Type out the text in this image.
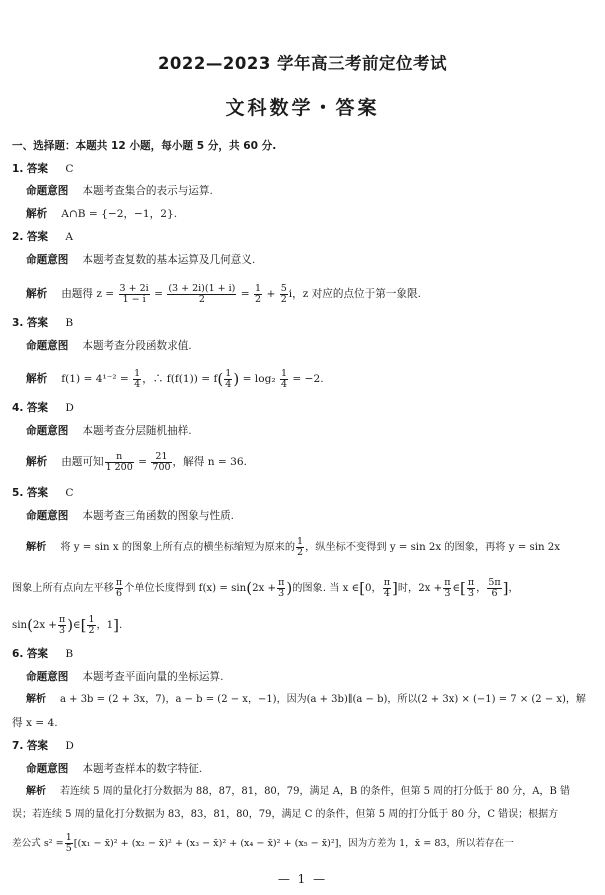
2022—2023 学年高三考前定位考试
文科数学・答案
一、选择题：本题共 12 小题，每小题 5 分，共 60 分.
1. 答案 C
命题意图 本题考查集合的表示与运算.
解析 A∩B = {−2，−1，2}.
2. 答案 A
命题意图 本题考查复数的基本运算及几何意义.
解析 由题得 $z = \frac{3 + 2i}{1 - i} = \frac{(3 + 2i)(1 + i)}{2} = \frac{1}{2} + \frac{5}{2}$ i，z 对应的点位于第一象限.
3. 答案 B
命题意图 本题考查分段函数求值.
解析 $f(1) = 4^{1-2} = \frac{1}{4}$ ，∴ $f(f(1)) = f( \frac{1}{4}$ ) = $\log_2 \frac{1}{4} = -2$.
4. 答案 D
命题意图 本题考查分层随机抽样.
解析 由题可知 $\frac{n}{1 200} = \frac{21}{700}$ ，解得 n = 36.
5. 答案 C
命题意图 本题考查三角函数的图象与性质.
解析 将 y = sin x 的图象上所有点的横坐标缩短为原来的 $\frac{1}{2}$ ，纵坐标不变得到 y = sin 2x 的图象，再将 y = sin 2x
图象上所有点向左平移 $\frac{\pi}{6}$ 个单位长度得到 $f(x) = \sin(2x + \frac{\pi}{3}$ )的图象. 当 x ∈[0， $\frac{\pi}{4}$ ]时，$2x + \frac{\pi}{3}$ ∈[ $\frac{\pi}{3}$ ， $\frac{5\pi}{6}$ ]，
$\sin(2x + \frac{\pi}{3}$ )∈[ $\frac{1}{2}$ ，1].
6. 答案 B
命题意图 本题考查平面向量的坐标运算.
解析 a + 3b = (2 + 3x，7)，a − b = (2 − x，−1)，因为(a + 3b)∥(a − b)，所以(2 + 3x) × (−1) = 7 × (2 − x)，解
得 x = 4.
7. 答案 D
命题意图 本题考查样本的数字特征.
解析 若连续 5 周的量化打分数据为 88，87，81，80，79，满足 A，B 的条件，但第 5 周的打分低于 80 分，A，B 错
误；若连续 5 周的量化打分数据为 83，83，81，80，79，满足 C 的条件，但第 5 周的打分低于 80 分，C 错误；根据方
差公式 $s^2 = \frac{1}{5} [(x_1$ − x̄)² + (x₂ − x̄)² + (x₃ − x̄)² + (x₄ − x̄)² + (x₅ − x̄)²]，因为方差为 1，x̄ = 83，所以若存在一
— 1 —
